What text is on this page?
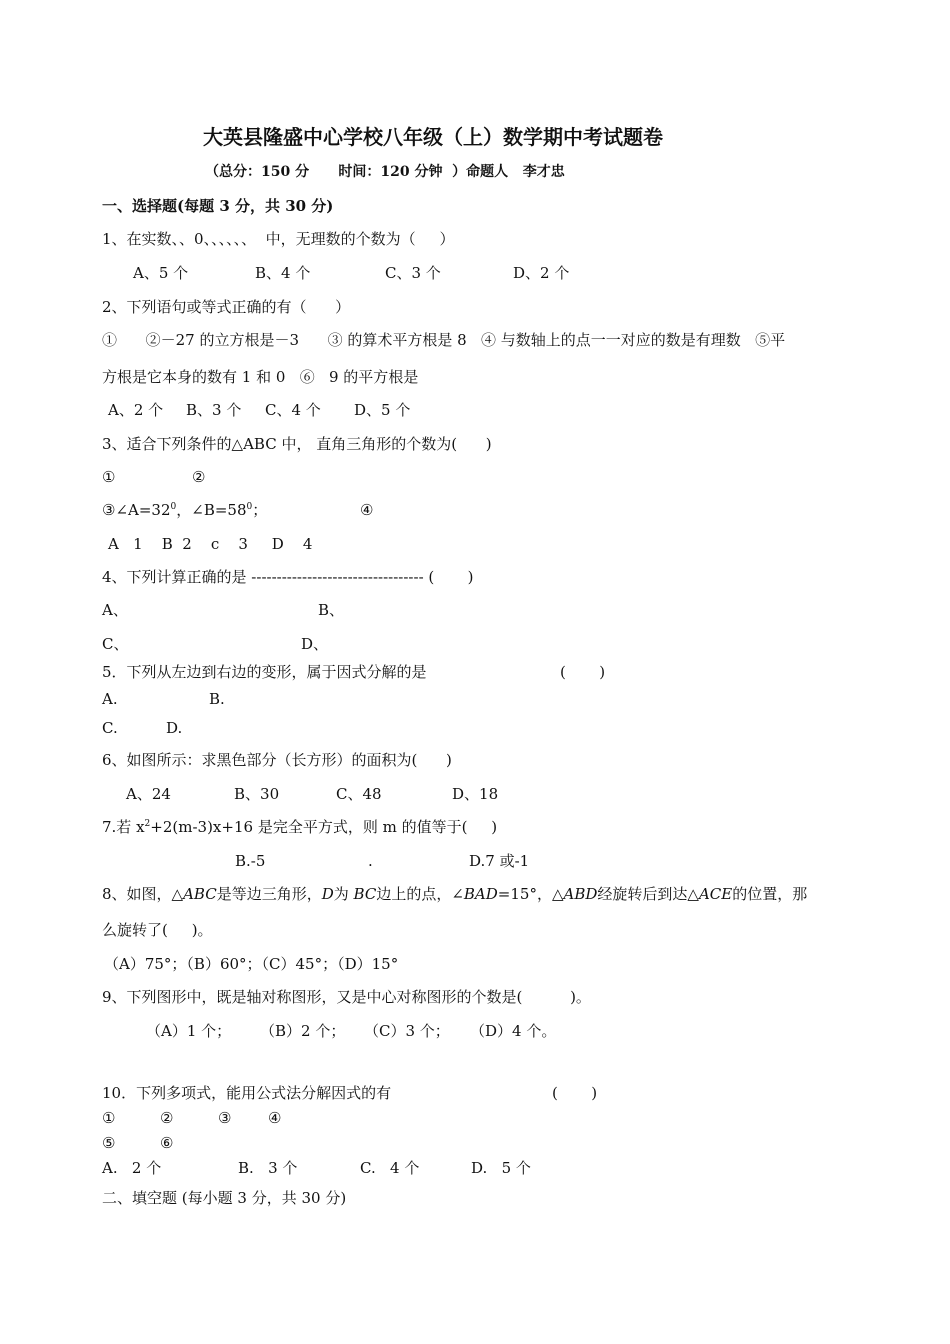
大英县隆盛中心学校八年级（上）数学期中考试题卷
（总分：150 分      时间：120 分钟  ）命题人   李才忠
一、选择题(每题 3 分，共 30 分)
1、在实数、、0、、、、、、  中，无理数的个数为（     ）
A、5 个	B、4 个	C、3 个	D、2 个
2、下列语句或等式正确的有（      ）
①      ②－27 的立方根是－3      ③ 的算术平方根是 8   ④ 与数轴上的点一一对应的数是有理数   ⑤平
方根是它本身的数有 1 和 0   ⑥   9 的平方根是
A、2 个 B、3 个 C、4 个 D、5 个
3、适合下列条件的△ABC 中， 直角三角形的个数为(      )
①	②
$③\angle A=32^0$，$\angle B=58^0$；	④
A   1    B  2    c    3     D    4
4、下列计算正确的是 ---------------------------------- (       )
A、	B、
C、	D、
5．下列从左边到右边的变形，属于因式分解的是	(       )
A.	B.
C.	D.
6、如图所示：求黑色部分（长方形）的面积为(      )
A、24	B、30	C、48	D、18
7.若 $x^2+2(m-3)x+16$ 是完全平方式，则 m 的值等于(     )
B.-5	.	D.7 或-1
8、如图，△ABC是等边三角形，D为 BC边上的点，∠BAD=15°，△ABD经旋转后到达△ACE的位置，那
么旋转了(     )。
（A）75°；（B）60°；（C）45°；（D）15°
9、下列图形中，既是轴对称图形，又是中心对称图形的个数是(          )。
（A）1 个； （B）2 个； （C）3 个； （D）4 个。
10．下列多项式，能用公式法分解因式的有	(       )
①	②	③ ④
⑤	⑥
A.   2 个	B.   3 个	C.   4 个	D.   5 个
二、填空题 (每小题 3 分，共 30 分)
